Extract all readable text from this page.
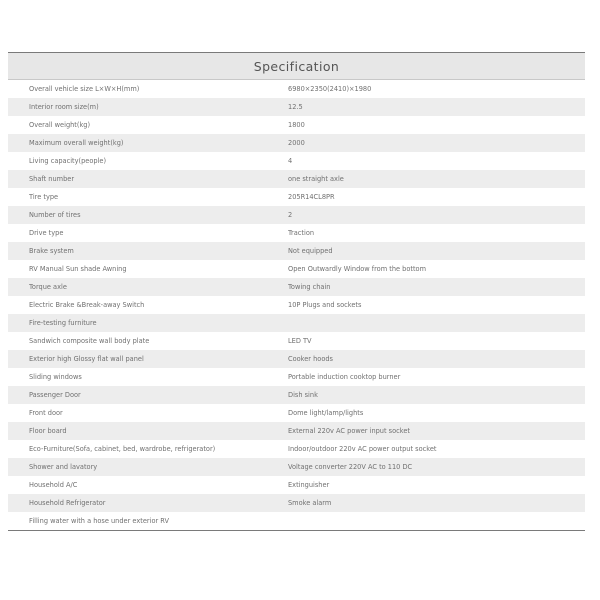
Specification
Overall vehicle size L×W×H(mm)	6980×2350(2410)×1980
Interior room size(m)	12.5
Overall weight(kg)	1800
Maximum overall weight(kg)	2000
Living capacity(people)	4
Shaft number	one straight axle
Tire type	205R14CL8PR
Number of tires	2
Drive type	Traction
Brake system	Not equipped
RV Manual Sun shade Awning	Open Outwardly Window from the bottom
Torque axle	Towing chain
Electric Brake &Break-away Switch	10P Plugs and sockets
Fire-testing furniture
Sandwich composite wall body plate	LED TV
Exterior high Glossy flat wall panel	Cooker hoods
Sliding windows	Portable induction cooktop burner
Passenger Door	Dish sink
Front door	Dome light/lamp/lights
Floor board	External 220v AC power input socket
Eco-Furniture(Sofa, cabinet, bed, wardrobe, refrigerator)	Indoor/outdoor 220v AC power output socket
Shower and lavatory	Voltage converter 220V AC to 110 DC
Household A/C	Extinguisher
Household Refrigerator	Smoke alarm
Filling water with a hose under exterior RV
